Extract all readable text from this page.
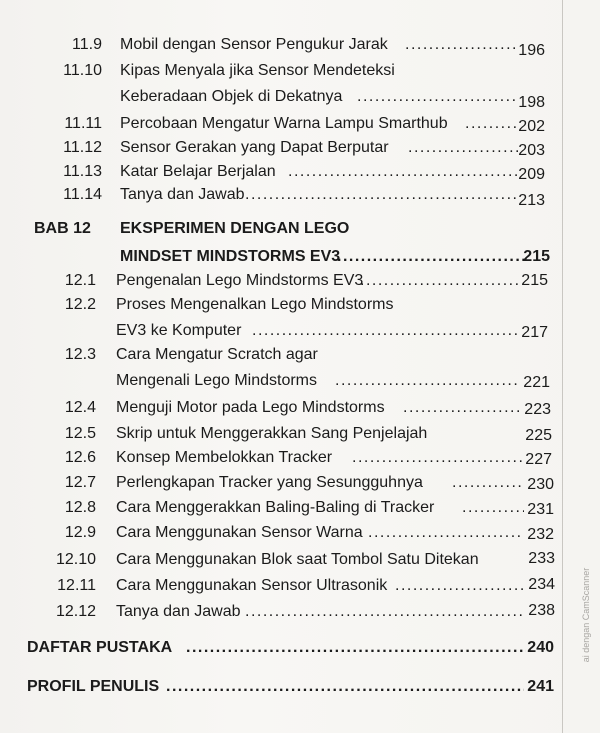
11.9 Mobil dengan Sensor Pengukur Jarak .....	196
11.10 Kipas Menyala jika Sensor Mendeteksi
Keberadaan Objek di Dekatnya .....	198
11.11 Percobaan Mengatur Warna Lampu Smarthub .....	202
11.12 Sensor Gerakan yang Dapat Berputar .....	203
11.13 Katar Belajar Berjalan .....	209
11.14 Tanya dan Jawab .....	213
BAB 12 EKSPERIMEN DENGAN LEGO
MINDSET MINDSTORMS EV3 .....	215
12.1 Pengenalan Lego Mindstorms EV3 .....	215
12.2 Proses Mengenalkan Lego Mindstorms
EV3 ke Komputer .....	217
12.3 Cara Mengatur Scratch agar
Mengenali Lego Mindstorms .....	221
12.4 Menguji Motor pada Lego Mindstorms .....	223
12.5 Skrip untuk Menggerakkan Sang Penjelajah	225
12.6 Konsep Membelokkan Tracker .....	227
12.7 Perlengkapan Tracker yang Sesungguhnya .....	230
12.8 Cara Menggerakkan Baling-Baling di Tracker .....	231
12.9 Cara Menggunakan Sensor Warna .....	232
12.10 Cara Menggunakan Blok saat Tombol Satu Ditekan	233
12.11 Cara Menggunakan Sensor Ultrasonik .....	234
12.12 Tanya dan Jawab .....	238
DAFTAR PUSTAKA .....	240
PROFIL PENULIS .....	241
ai dengan CamScanner
